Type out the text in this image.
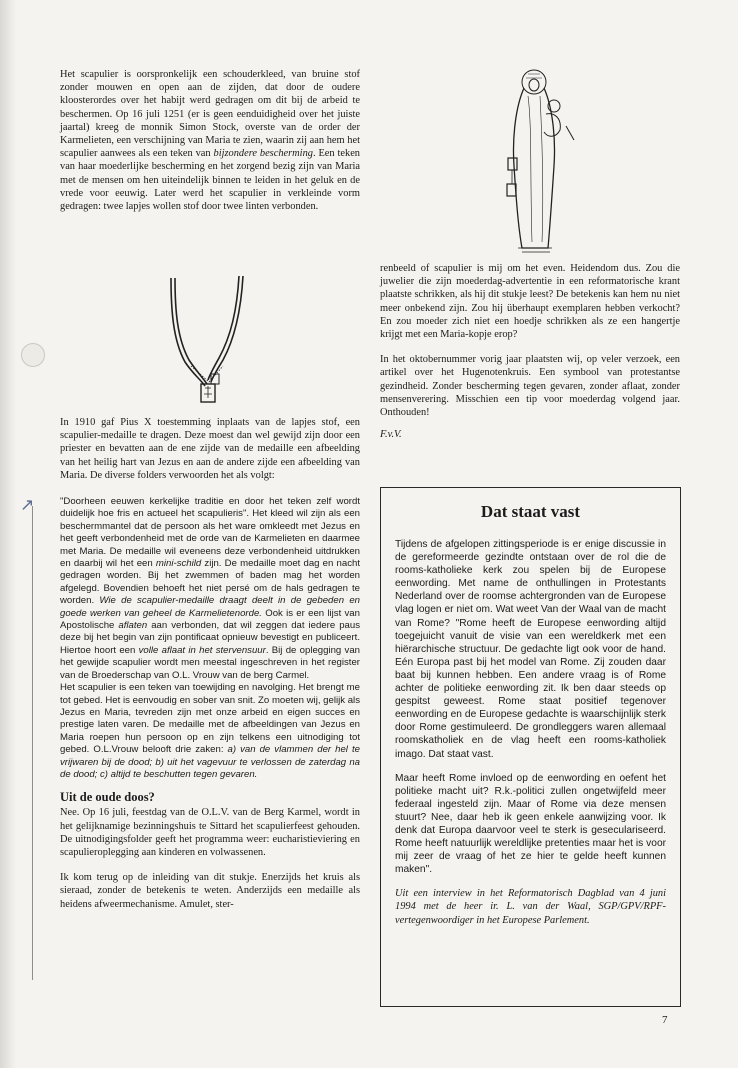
↖

Het scapulier is oorspronkelijk een schouderkleed, van bruine stof zonder mouwen en open aan de zijden, dat door de oudere kloosterordes over het habijt werd gedragen om dit bij de arbeid te beschermen. Op 16 juli 1251 (er is geen eenduidigheid over het juiste jaartal) kreeg de monnik Simon Stock, overste van de order der Karmelieten, een verschijning van Maria te zien, waarin zij aan hem het scapulier aanwees als een teken van bijzondere bescherming. Een teken van haar moederlijke bescherming en het zorgend bezig zijn van Maria met de mensen om hen uiteindelijk binnen te leiden in het geluk en de vrede voor eeuwig. Later werd het scapulier in verkleinde vorm gedragen: twee lapjes wollen stof door twee linten verbonden.

In 1910 gaf Pius X toestemming inplaats van de lapjes stof, een scapulier-medaille te dragen. Deze moest dan wel gewijd zijn door een priester en bevatten aan de ene zijde van de medaille een afbeelding van het heilig hart van Jezus en aan de andere zijde een afbeelding van Maria. De diverse folders verwoorden het als volgt:

"Doorheen eeuwen kerkelijke traditie en door het teken zelf wordt duidelijk hoe fris en actueel het scapulieris". Het kleed wil zijn als een beschermmantel dat de persoon als het ware omkleedt met Jezus en het geeft verbondenheid met de orde van de Karmelieten en daarmee met Maria. De medaille wil eveneens deze verbondenheid uitdrukken en daarbij wil het een mini-schild zijn. De medaille moet dag en nacht gedragen worden. Bij het zwemmen of baden mag het worden afgelegd. Bovendien behoeft het niet persé om de hals gedragen te worden. Wie de scapulier-medaille draagt deelt in de gebeden en goede werken van geheel de Karmelietenorde. Ook is er een lijst van Apostolische aflaten aan verbonden, dat wil zeggen dat iedere paus deze bij het begin van zijn pontificaat opnieuw bevestigt en publiceert. Hiertoe hoort een volle aflaat in het stervensuur. Bij de oplegging van het gewijde scapulier wordt men meestal ingeschreven in het register van de Broederschap van O.L. Vrouw van de berg Carmel.

Het scapulier is een teken van toewijding en navolging. Het brengt me tot gebed. Het is eenvoudig en sober van snit. Zo moeten wij, gelijk als Jezus en Maria, tevreden zijn met onze arbeid en eigen succes en prestige laten varen. De medaille met de afbeeldingen van Jezus en Maria roepen hun persoon op en zijn telkens een uitnodiging tot gebed. O.L.Vrouw belooft drie zaken: a) van de vlammen der hel te vrijwaren bij de dood; b) uit het vagevuur te verlossen de zaterdag na de dood; c) altijd te beschutten tegen gevaren.

Uit de oude doos?

Nee. Op 16 juli, feestdag van de O.L.V. van de Berg Karmel, wordt in het gelijknamige bezinningshuis te Sittard het scapulierfeest gehouden. De uitnodigingsfolder geeft het programma weer: eucharistieviering en scapulieroplegging aan kinderen en volwassenen.

Ik kom terug op de inleiding van dit stukje. Enerzijds het kruis als sieraad, zonder de betekenis te weten. Anderzijds een medaille als heidens afweermechanisme. Amulet, ster-

renbeeld of scapulier is mij om het even. Heidendom dus. Zou die juwelier die zijn moederdag-advertentie in een reformatorische krant plaatste schrikken, als hij dit stukje leest? De betekenis kan hem nu niet meer onbekend zijn. Zou hij überhaupt exemplaren hebben verkocht? En zou moeder zich niet een hoedje schrikken als ze een hangertje krijgt met een Maria-kopje erop?

In het oktobernummer vorig jaar plaatsten wij, op veler verzoek, een artikel over het Hugenotenkruis. Een symbool van protestantse gezindheid. Zonder bescherming tegen gevaren, zonder aflaat, zonder mensenverering. Misschien een tip voor moederdag volgend jaar. Onthouden!

F.v.V.
Dat staat vast

Tijdens de afgelopen zittingsperiode is er enige discussie in de gereformeerde gezindte ontstaan over de rol die de rooms-katholieke kerk zou spelen bij de Europese eenwording. Met name de onthullingen in Protestants Nederland over de roomse achtergronden van de Europese vlag logen er niet om. Wat weet Van der Waal van de macht van Rome? "Rome heeft de Europese eenwording altijd toegejuicht vanuit de visie van een wereldkerk met een hiërarchische structuur. De gedachte ligt ook voor de hand. Eén Europa past bij het model van Rome. Zij zouden daar baat bij kunnen hebben. Een andere vraag is of Rome achter de politieke eenwording zit. Ik ben daar steeds op gespitst geweest. Rome staat positief tegenover eenwording en de Europese gedachte is waarschijnlijk sterk door Rome gestimuleerd. De grondleggers waren allemaal roomskatholiek en de vlag heeft een rooms-katholiek imago. Dat staat vast.

Maar heeft Rome invloed op de eenwording en oefent het politieke macht uit? R.k.-politici zullen ongetwijfeld meer federaal ingesteld zijn. Maar of Rome via deze mensen stuurt? Nee, daar heb ik geen enkele aanwijzing voor. Ik denk dat Europa daarvoor veel te sterk is geseculariseerd. Rome heeft natuurlijk wereldlijke pretenties maar het is voor mij zeer de vraag of het ze hier te gelde heeft kunnen maken".

Uit een interview in het Reformatorisch Dagblad van 4 juni 1994 met de heer ir. L. van der Waal, SGP/GPV/RPF-vertegenwoordiger in het Europese Parlement.

7
